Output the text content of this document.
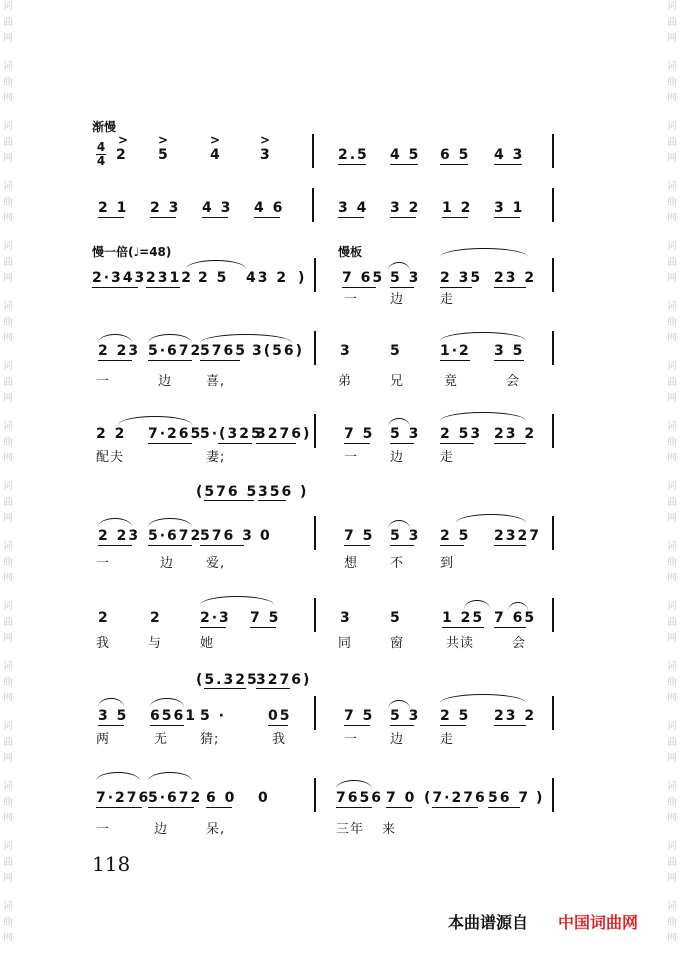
词
曲
网
词
曲
网
词
曲
网
词
曲
网
词
曲
网
词
曲
网
词
曲
网
词
曲
网
词
曲
网
词
曲
网
词
曲
网
词
曲
网
词
曲
网
词
曲
网
词
曲
网
词
曲
网
词
曲
网
词
曲
网
词
曲
网
词
曲
网
词
曲
网
词
曲
网
词
曲
网
词
曲
网
词
曲
网
词
曲
网
词
曲
网
词
曲
网
词
曲
网
词
曲
网
词
曲
网
词
曲
网
渐慢
慢一倍(♩=48)	慢板
4
4
> >	>	>
2 5	4	3	2.5 4 5 6 5 4 3
2 1 2 3 4 3 4 6	3 4 3 2 1 2 3 1
2·343 2312 2 5 43 2 )	7 65 5 3 2 35 23 2
一 边	走
2 23 5·672
5765 3(56)	3	5	1·2 3 5
一	边	喜,	弟	兄	竟	会
2 2 7·265
5·(325
3276) 7 5 5 3 2 53 23 2
配夫	妻;	一 边	走
(576 5 356 )
2 23 5·672
576 3 0	7 5 5 3 2 5 2327
一	边 爱,	想 不	到
2	2	2·3 7 5	3	5	1 25 7 65
我	与	她	同	窗	共读	会
(5.325
3276)
3 5 6561 5 ·	05	7 5 5 3 2 5 23 2
两	无 猜;	我	一 边	走
7·276
5·672 6 0 0	7656 7 0 (7·276 56 7 )
一	边	呆,	三年 来
118
本曲谱源自 中国词曲网
